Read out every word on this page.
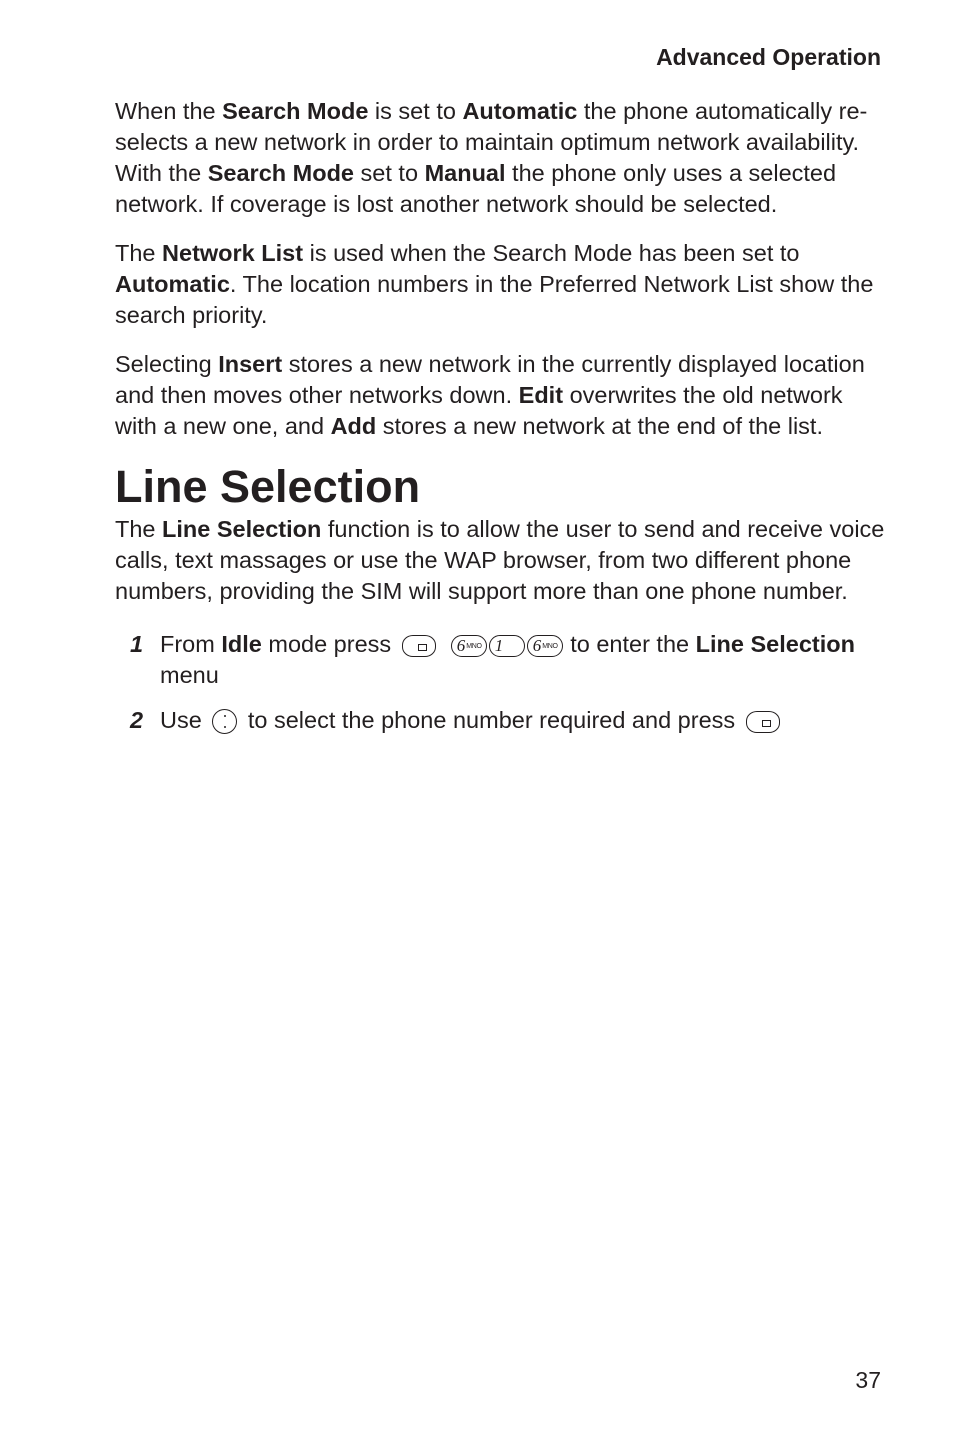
Advanced Operation

When the Search Mode is set to Automatic the phone automatically re-selects a new network in order to maintain optimum network availability. With the Search Mode set to Manual the phone only uses a selected network. If coverage is lost another network should be selected.

The Network List is used when the Search Mode has been set to Automatic. The location numbers in the Preferred Network List show the search priority.

Selecting Insert stores a new network in the currently displayed location and then moves other networks down. Edit overwrites the old network with a new one, and Add stores a new network at the end of the list.

Line Selection

The Line Selection function is to allow the user to send and receive voice calls, text massages or use the WAP browser, from two different phone numbers, providing the SIM will support more than one phone number.

1 From Idle mode press	$6^{MNO}$ 1 $6^{MNO}$ to enter the Line Selection menu
2 Use  to select the phone number required and press
37
